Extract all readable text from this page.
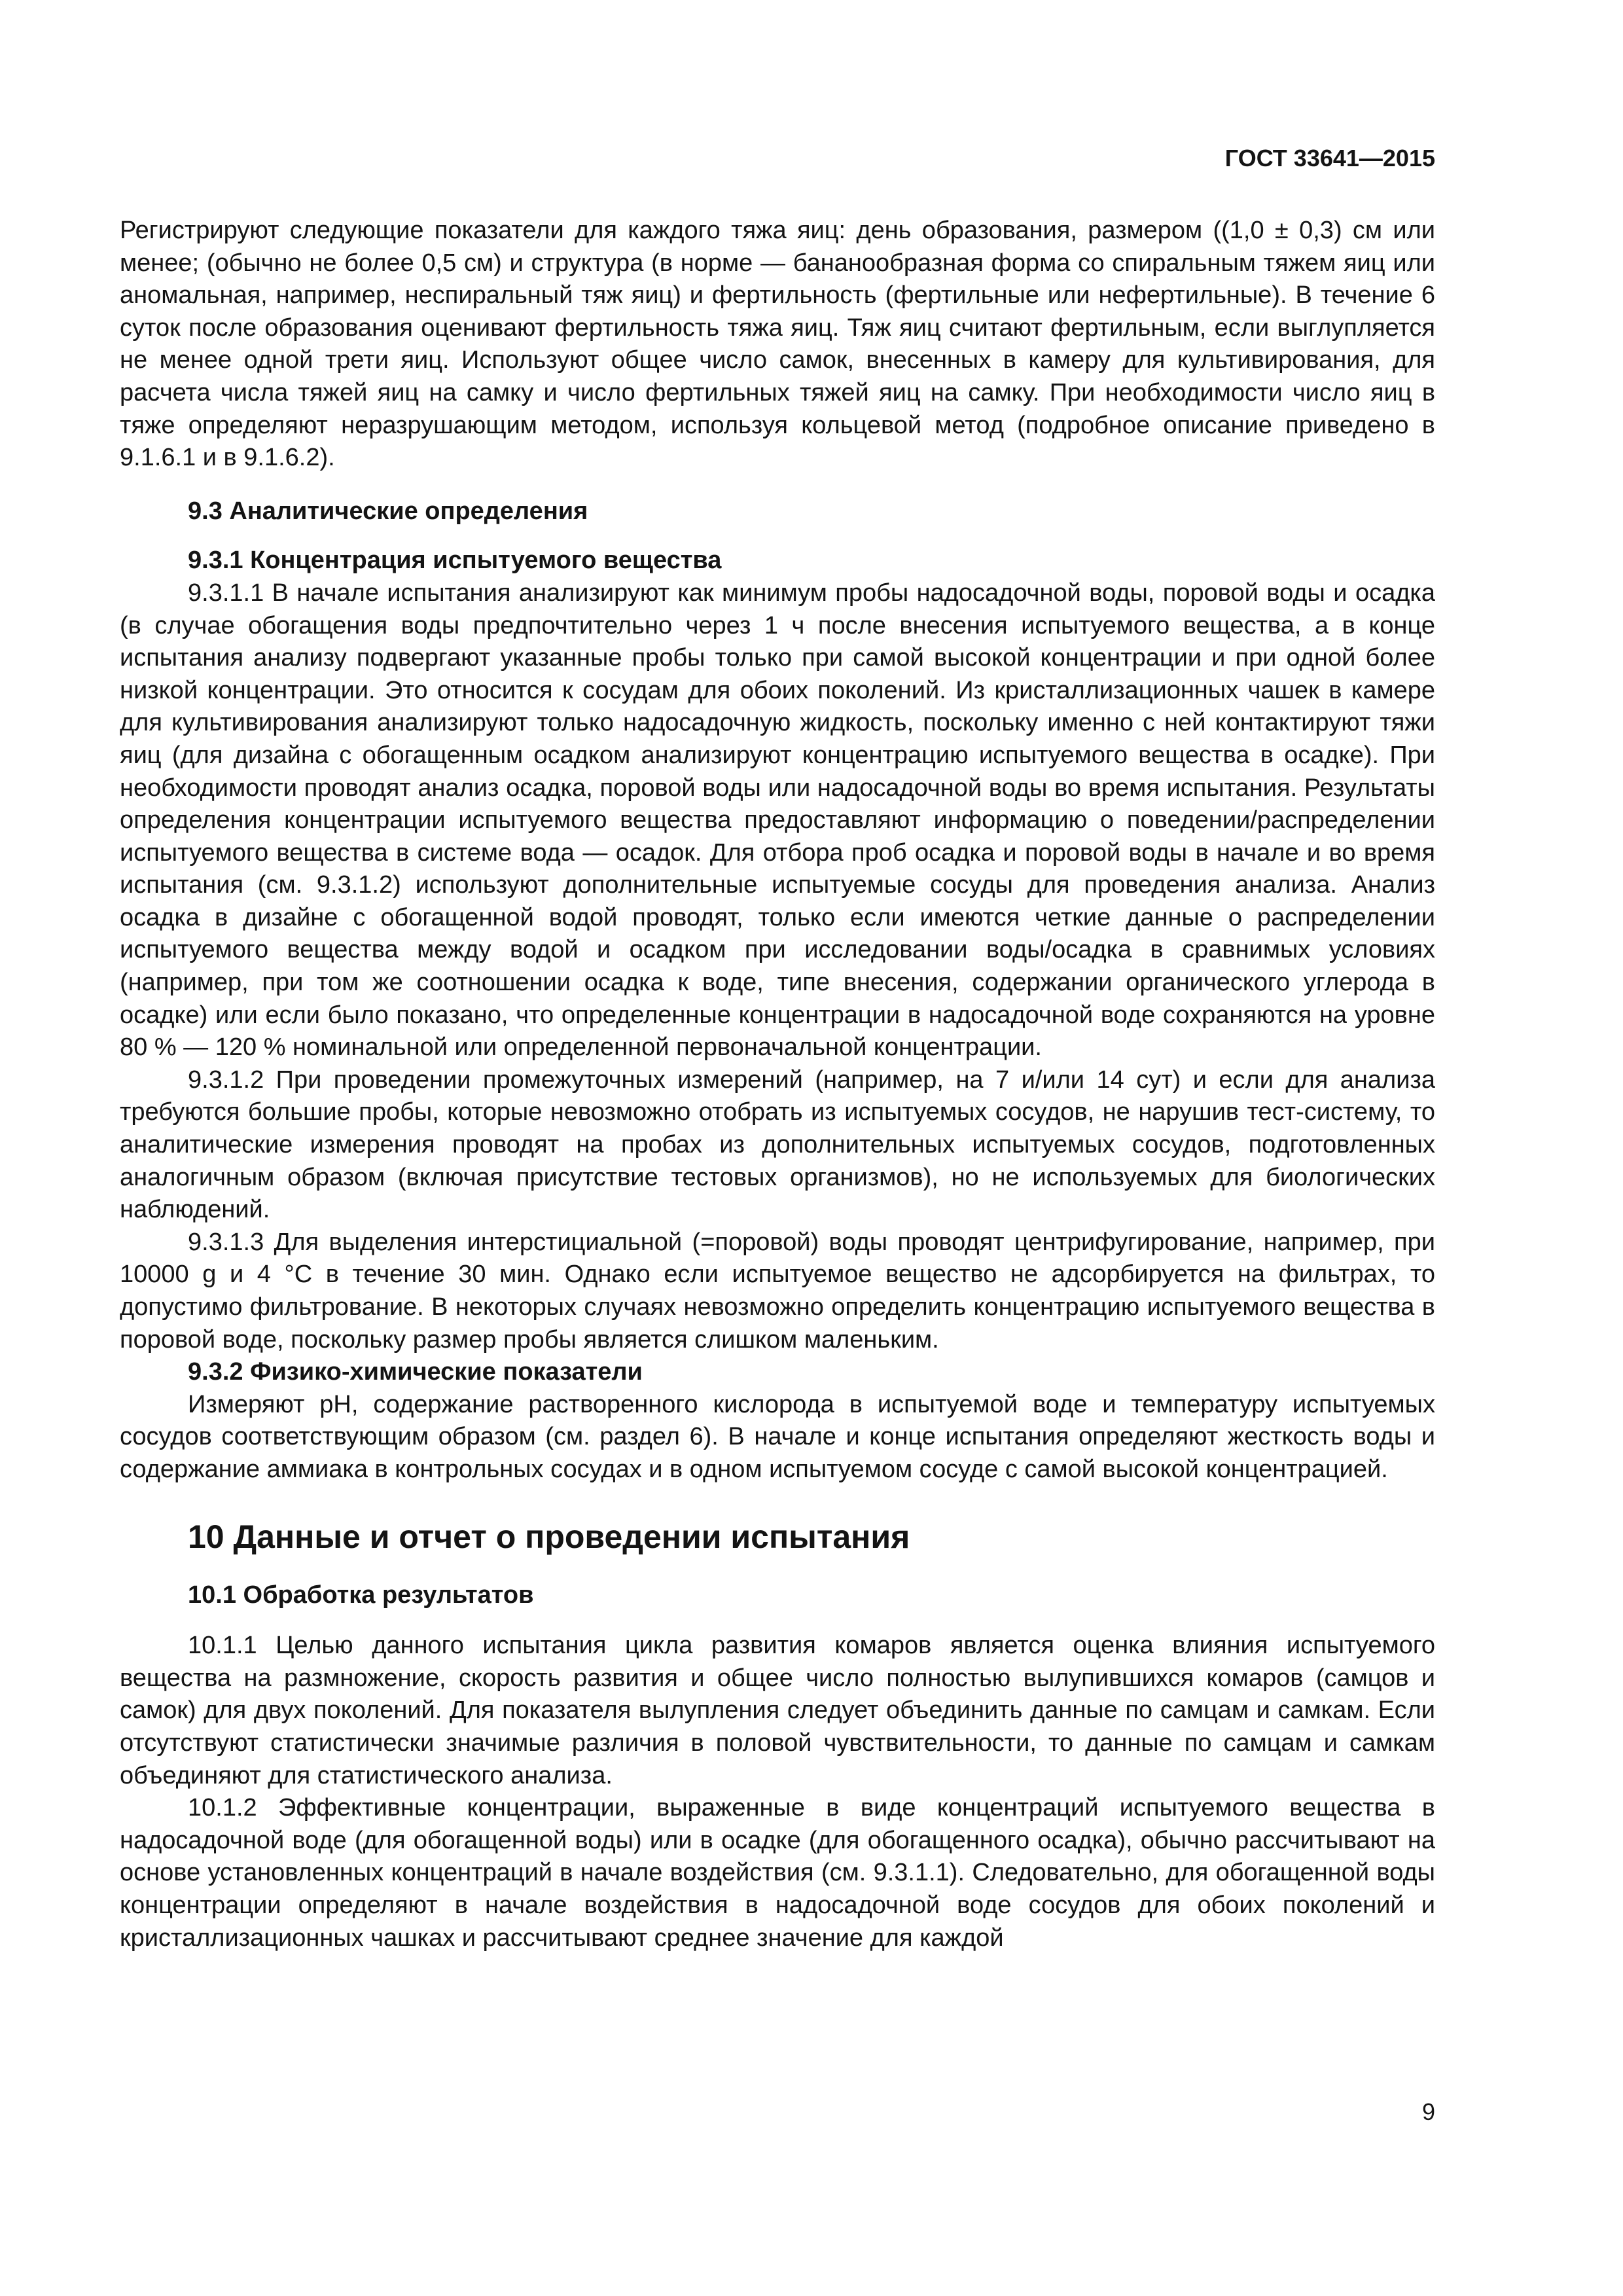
ГОСТ 33641—2015

Регистрируют следующие показатели для каждого тяжа яиц: день образования, размером ((1,0 ± 0,3) см или менее; (обычно не более 0,5 см) и структура (в норме — бананообразная форма со спиральным тяжем яиц или аномальная, например, неспиральный тяж яиц) и фертильность (фертильные или нефертильные). В течение 6 суток после образования оценивают фертильность тяжа яиц. Тяж яиц считают фертильным, если выглупляется не менее одной трети яиц. Используют общее число самок, внесенных в камеру для культивирования, для расчета числа тяжей яиц на самку и число фертильных тяжей яиц на самку. При необходимости число яиц в тяже определяют неразрушающим методом, используя кольцевой метод (подробное описание приведено в 9.1.6.1 и в 9.1.6.2).

9.3 Аналитические определения
9.3.1 Концентрация испытуемого вещества

9.3.1.1 В начале испытания анализируют как минимум пробы надосадочной воды, поровой воды и осадка (в случае обогащения воды предпочтительно через 1 ч после внесения испытуемого вещества, а в конце испытания анализу подвергают указанные пробы только при самой высокой концентрации и при одной более низкой концентрации. Это относится к сосудам для обоих поколений. Из кристаллизационных чашек в камере для культивирования анализируют только надосадочную жидкость, поскольку именно с ней контактируют тяжи яиц (для дизайна с обогащенным осадком анализируют концентрацию испытуемого вещества в осадке). При необходимости проводят анализ осадка, поровой воды или надосадочной воды во время испытания. Результаты определения концентрации испытуемого вещества предоставляют информацию о поведении/распределении испытуемого вещества в системе вода — осадок. Для отбора проб осадка и поровой воды в начале и во время испытания (см. 9.3.1.2) используют дополнительные испытуемые сосуды для проведения анализа. Анализ осадка в дизайне с обогащенной водой проводят, только если имеются четкие данные о распределении испытуемого вещества между водой и осадком при исследовании воды/осадка в сравнимых условиях (например, при том же соотношении осадка к воде, типе внесения, содержании органического углерода в осадке) или если было показано, что определенные концентрации в надосадочной воде сохраняются на уровне 80 % — 120 % номинальной или определенной первоначальной концентрации.

9.3.1.2 При проведении промежуточных измерений (например, на 7 и/или 14 сут) и если для анализа требуются большие пробы, которые невозможно отобрать из испытуемых сосудов, не нарушив тест-систему, то аналитические измерения проводят на пробах из дополнительных испытуемых сосудов, подготовленных аналогичным образом (включая присутствие тестовых организмов), но не используемых для биологических наблюдений.

9.3.1.3 Для выделения интерстициальной (=поровой) воды проводят центрифугирование, например, при 10000 g и 4 °С в течение 30 мин. Однако если испытуемое вещество не адсорбируется на фильтрах, то допустимо фильтрование. В некоторых случаях невозможно определить концентрацию испытуемого вещества в поровой воде, поскольку размер пробы является слишком маленьким.

9.3.2 Физико-химические показатели

Измеряют pH, содержание растворенного кислорода в испытуемой воде и температуру испытуемых сосудов соответствующим образом (см. раздел 6). В начале и конце испытания определяют жесткость воды и содержание аммиака в контрольных сосудах и в одном испытуемом сосуде с самой высокой концентрацией.

10 Данные и отчет о проведении испытания
10.1 Обработка результатов

10.1.1 Целью данного испытания цикла развития комаров является оценка влияния испытуемого вещества на размножение, скорость развития и общее число полностью вылупившихся комаров (самцов и самок) для двух поколений. Для показателя вылупления следует объединить данные по самцам и самкам. Если отсутствуют статистически значимые различия в половой чувствительности, то данные по самцам и самкам объединяют для статистического анализа.

10.1.2 Эффективные концентрации, выраженные в виде концентраций испытуемого вещества в надосадочной воде (для обогащенной воды) или в осадке (для обогащенного осадка), обычно рассчитывают на основе установленных концентраций в начале воздействия (см. 9.3.1.1). Следовательно, для обогащенной воды концентрации определяют в начале воздействия в надосадочной воде сосудов для обоих поколений и кристаллизационных чашках и рассчитывают среднее значение для каждой

9
